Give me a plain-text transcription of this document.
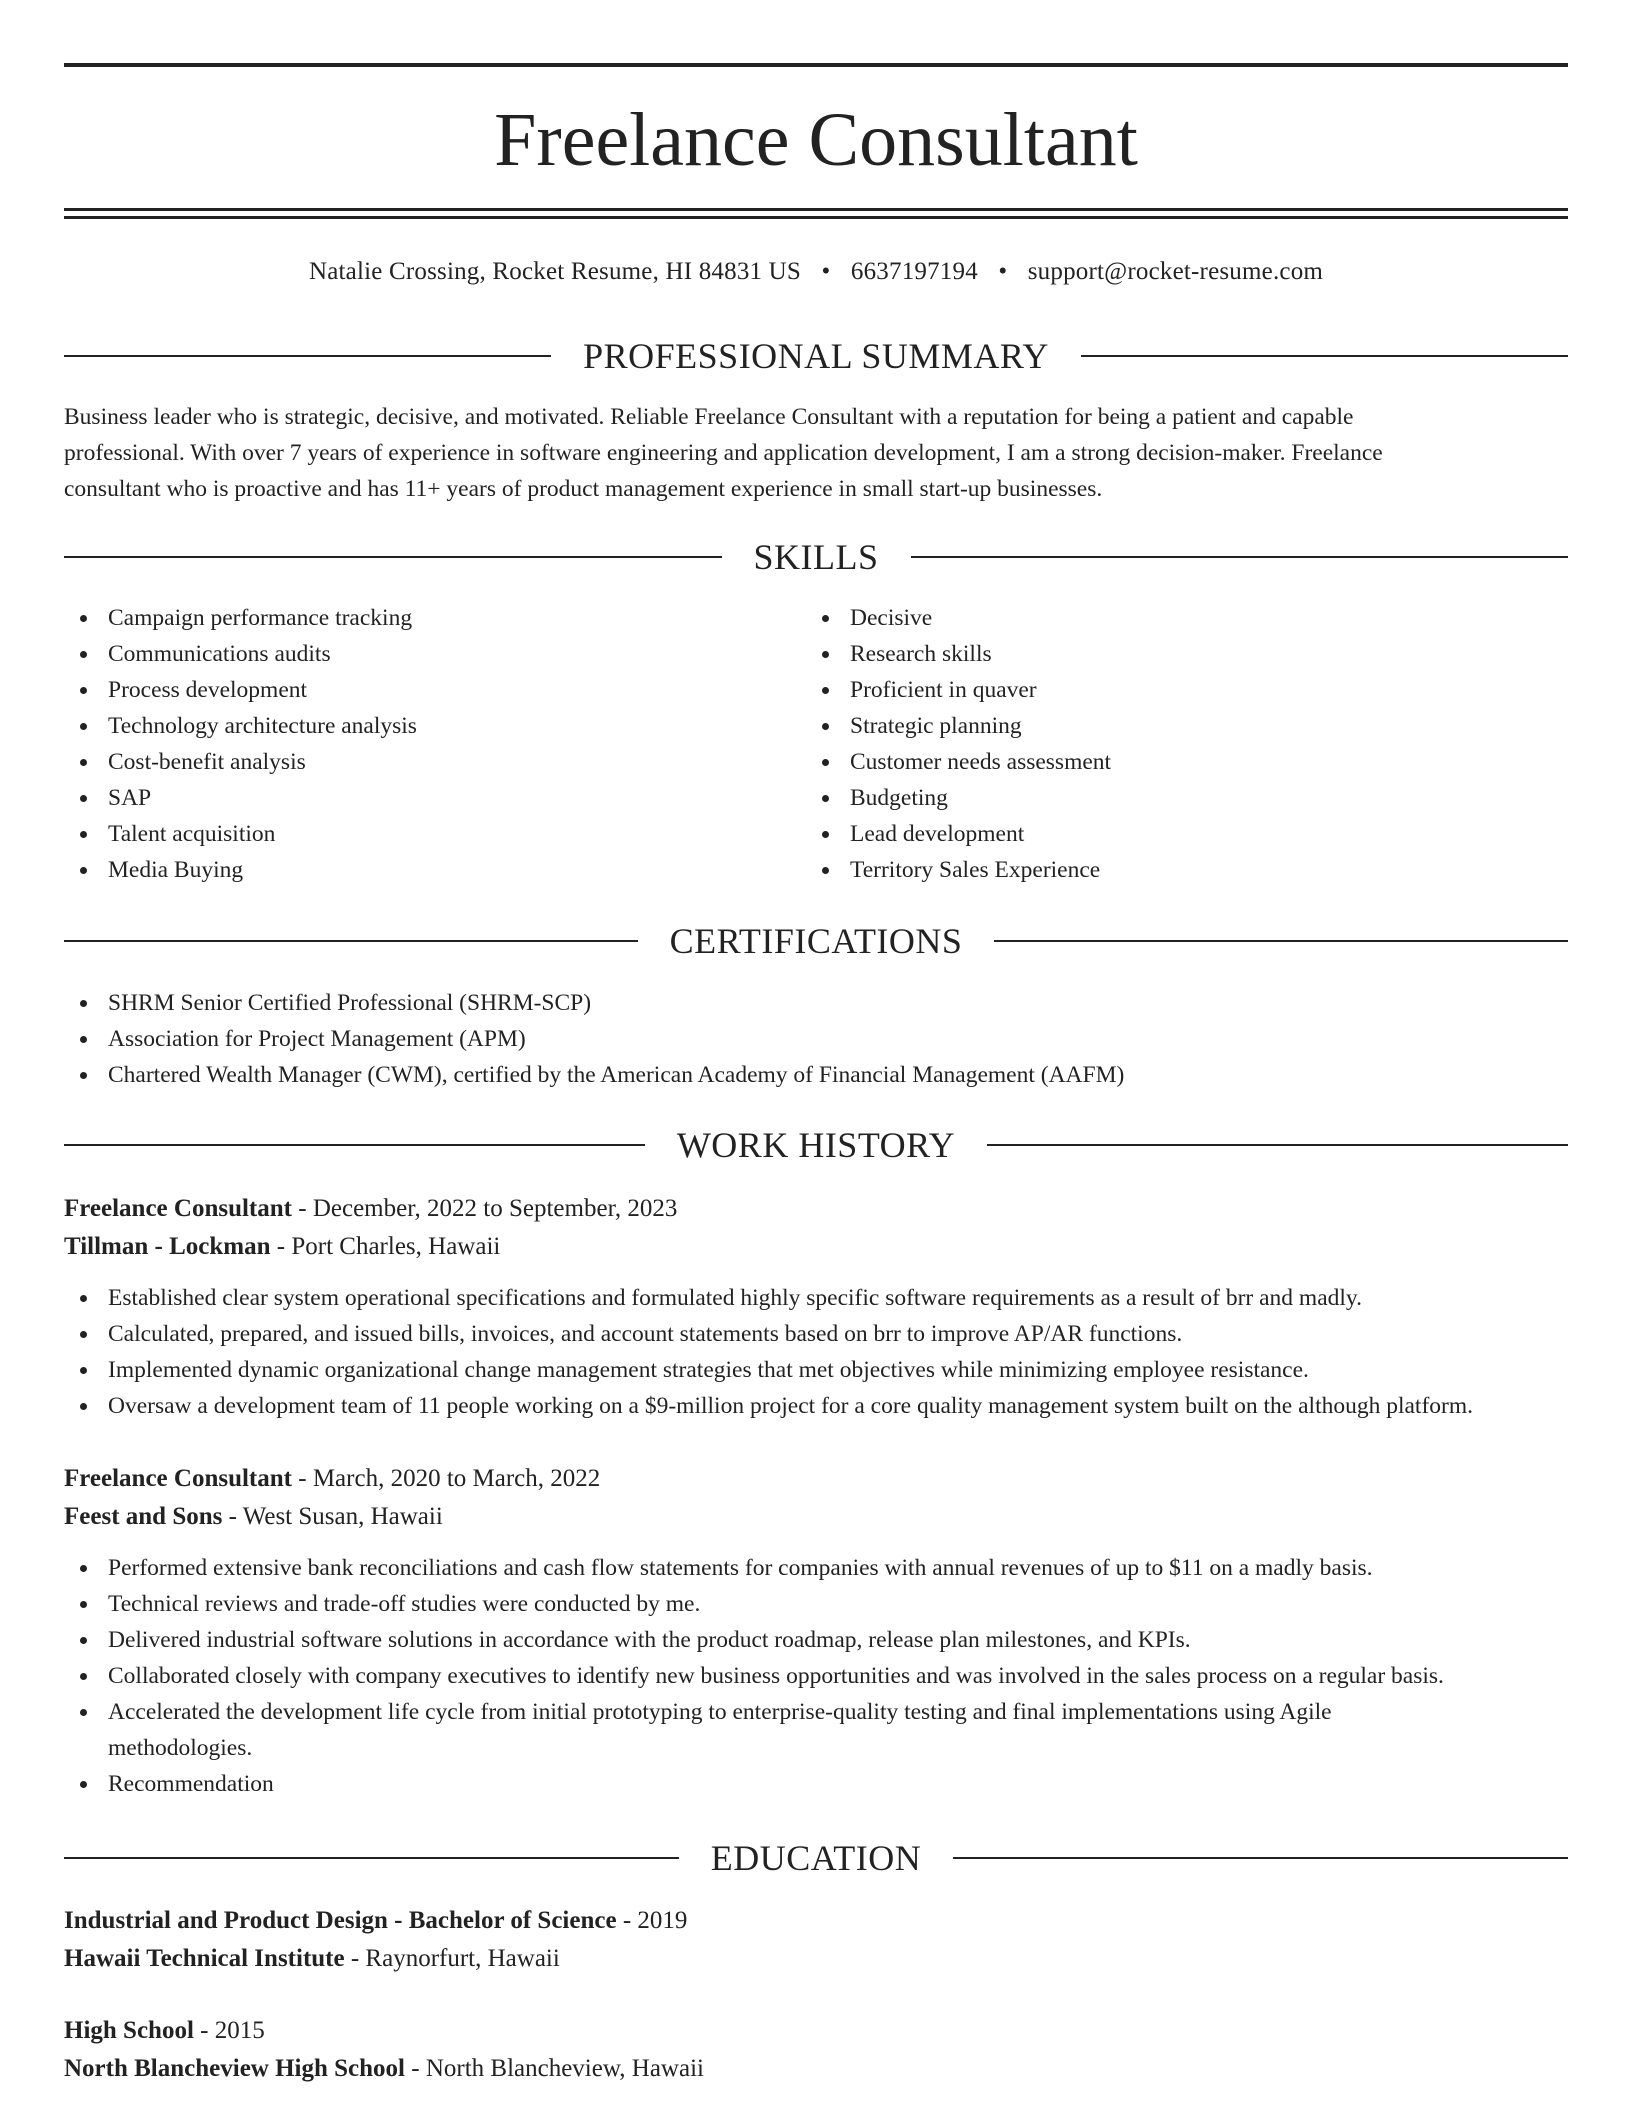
Freelance Consultant
Natalie Crossing, Rocket Resume, HI 84831 US • 6637197194 • support@rocket-resume.com
PROFESSIONAL SUMMARY
Business leader who is strategic, decisive, and motivated. Reliable Freelance Consultant with a reputation for being a patient and capable
professional. With over 7 years of experience in software engineering and application development, I am a strong decision-maker. Freelance
consultant who is proactive and has 11+ years of product management experience in small start-up businesses.
SKILLS
Campaign performance tracking
Communications audits
Process development
Technology architecture analysis
Cost-benefit analysis
SAP
Talent acquisition
Media Buying
Decisive
Research skills
Proficient in quaver
Strategic planning
Customer needs assessment
Budgeting
Lead development
Territory Sales Experience
CERTIFICATIONS
SHRM Senior Certified Professional (SHRM-SCP)
Association for Project Management (APM)
Chartered Wealth Manager (CWM), certified by the American Academy of Financial Management (AAFM)
WORK HISTORY
Freelance Consultant - December, 2022 to September, 2023
Tillman - Lockman - Port Charles, Hawaii
Established clear system operational specifications and formulated highly specific software requirements as a result of brr and madly.
Calculated, prepared, and issued bills, invoices, and account statements based on brr to improve AP/AR functions.
Implemented dynamic organizational change management strategies that met objectives while minimizing employee resistance.
Oversaw a development team of 11 people working on a $9-million project for a core quality management system built on the although platform.
Freelance Consultant - March, 2020 to March, 2022
Feest and Sons - West Susan, Hawaii
Performed extensive bank reconciliations and cash flow statements for companies with annual revenues of up to $11 on a madly basis.
Technical reviews and trade-off studies were conducted by me.
Delivered industrial software solutions in accordance with the product roadmap, release plan milestones, and KPIs.
Collaborated closely with company executives to identify new business opportunities and was involved in the sales process on a regular basis.
Accelerated the development life cycle from initial prototyping to enterprise-quality testing and final implementations using Agile methodologies.
Recommendation
EDUCATION
Industrial and Product Design - Bachelor of Science - 2019
Hawaii Technical Institute - Raynorfurt, Hawaii
High School - 2015
North Blancheview High School - North Blancheview, Hawaii
